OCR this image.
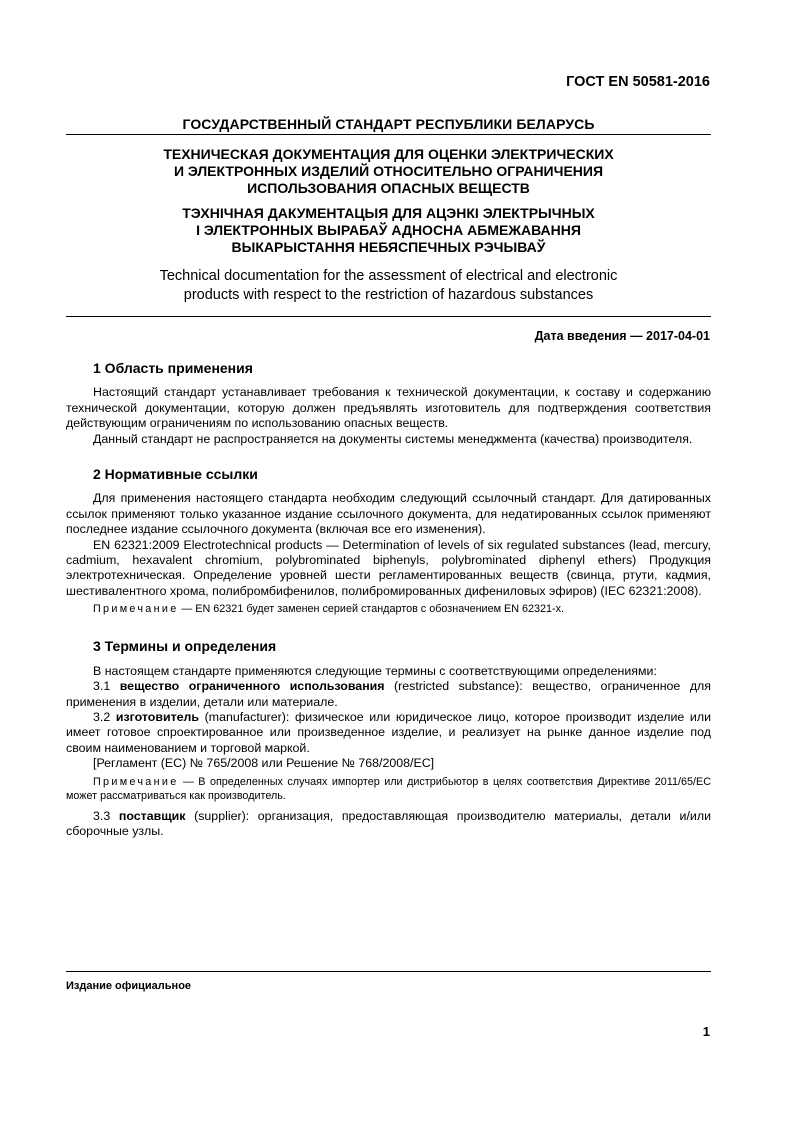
ГОСТ EN 50581-2016
ГОСУДАРСТВЕННЫЙ СТАНДАРТ РЕСПУБЛИКИ БЕЛАРУСЬ
ТЕХНИЧЕСКАЯ ДОКУМЕНТАЦИЯ ДЛЯ ОЦЕНКИ ЭЛЕКТРИЧЕСКИХ
И ЭЛЕКТРОННЫХ ИЗДЕЛИЙ ОТНОСИТЕЛЬНО ОГРАНИЧЕНИЯ
ИСПОЛЬЗОВАНИЯ ОПАСНЫХ ВЕЩЕСТВ
ТЭХНІЧНАЯ ДАКУМЕНТАЦЫЯ ДЛЯ АЦЭНКІ ЭЛЕКТРЫЧНЫХ
І ЭЛЕКТРОННЫХ ВЫРАБАЎ АДНОСНА АБМЕЖАВАННЯ
ВЫКАРЫСТАННЯ НЕБЯСПЕЧНЫХ РЭЧЫВАЎ
Technical documentation for the assessment of electrical and electronic
products with respect to the restriction of hazardous substances
Дата введения — 2017-04-01
1 Область применения

Настоящий стандарт устанавливает требования к технической документации, к составу и содержанию технической документации, которую должен предъявлять изготовитель для подтверждения соответствия действующим ограничениям по использованию опасных веществ.

Данный стандарт не распространяется на документы системы менеджмента (качества) производителя.

2 Нормативные ссылки

Для применения настоящего стандарта необходим следующий ссылочный стандарт. Для датированных ссылок применяют только указанное издание ссылочного документа, для недатированных ссылок применяют последнее издание ссылочного документа (включая все его изменения).

EN 62321:2009 Electrotechnical products — Determination of levels of six regulated substances (lead, mercury, cadmium, hexavalent chromium, polybrominated biphenyls, polybrominated diphenyl ethers) Продукция электротехническая. Определение уровней шести регламентированных веществ (свинца, ртути, кадмия, шестивалентного хрома, полибромбифенилов, полибромированных дифениловых эфиров) (IEC 62321:2008).

Примечание — EN 62321 будет заменен серией стандартов с обозначением EN 62321-x.

3 Термины и определения

В настоящем стандарте применяются следующие термины с соответствующими определениями:

3.1 вещество ограниченного использования (restricted substance): вещество, ограниченное для применения в изделии, детали или материале.

3.2 изготовитель (manufacturer): физическое или юридическое лицо, которое производит изделие или имеет готовое спроектированное или произведенное изделие, и реализует на рынке данное изделие под своим наименованием и торговой маркой.

[Регламент (ЕС) № 765/2008 или Решение № 768/2008/ЕС]

Примечание — В определенных случаях импортер или дистрибьютор в целях соответствия Директиве 2011/65/ЕС может рассматриваться как производитель.

3.3 поставщик (supplier): организация, предоставляющая производителю материалы, детали и/или сборочные узлы.

Издание официальное
1
